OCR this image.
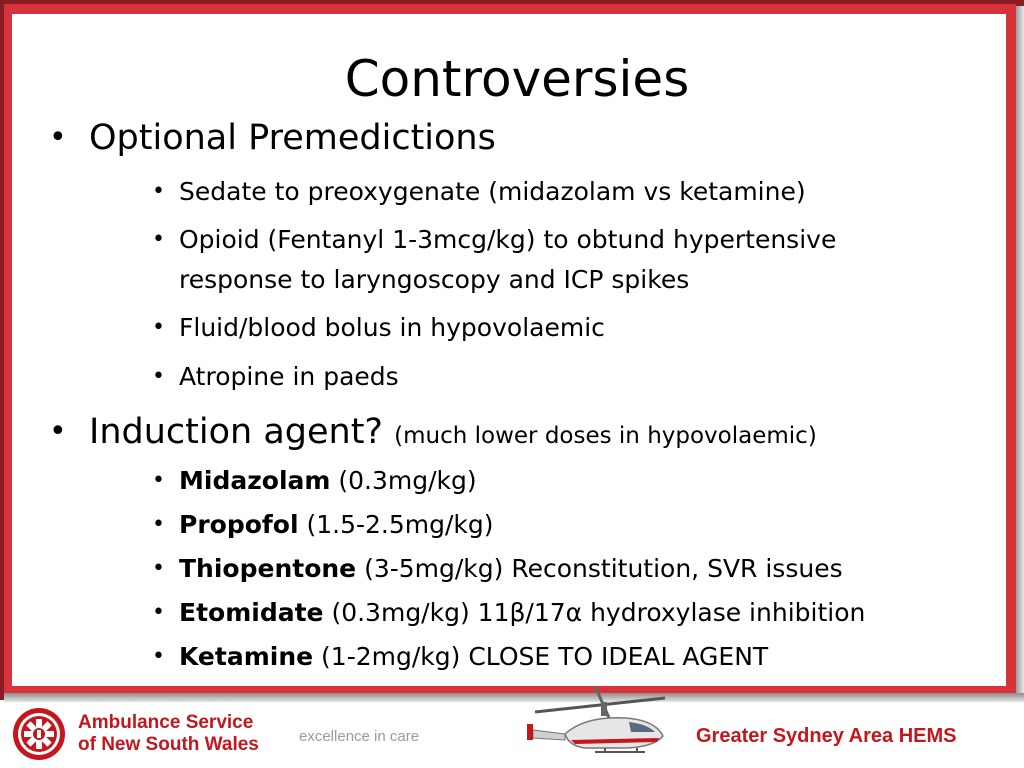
Controversies
• Optional Premedictions
• Sedate to preoxygenate (midazolam vs ketamine)
• Opioid (Fentanyl 1-3mcg/kg) to obtund hypertensive
response to laryngoscopy and ICP spikes
• Fluid/blood bolus in hypovolaemic
• Atropine in paeds
• Induction agent? (much lower doses in hypovolaemic)
• Midazolam (0.3mg/kg)
• Propofol (1.5-2.5mg/kg)
• Thiopentone (3-5mg/kg) Reconstitution, SVR issues
• Etomidate (0.3mg/kg) 11β/17α hydroxylase inhibition
• Ketamine (1-2mg/kg) CLOSE TO IDEAL AGENT
Ambulance Service
of New South Wales	excellence in care	Greater Sydney Area HEMS
